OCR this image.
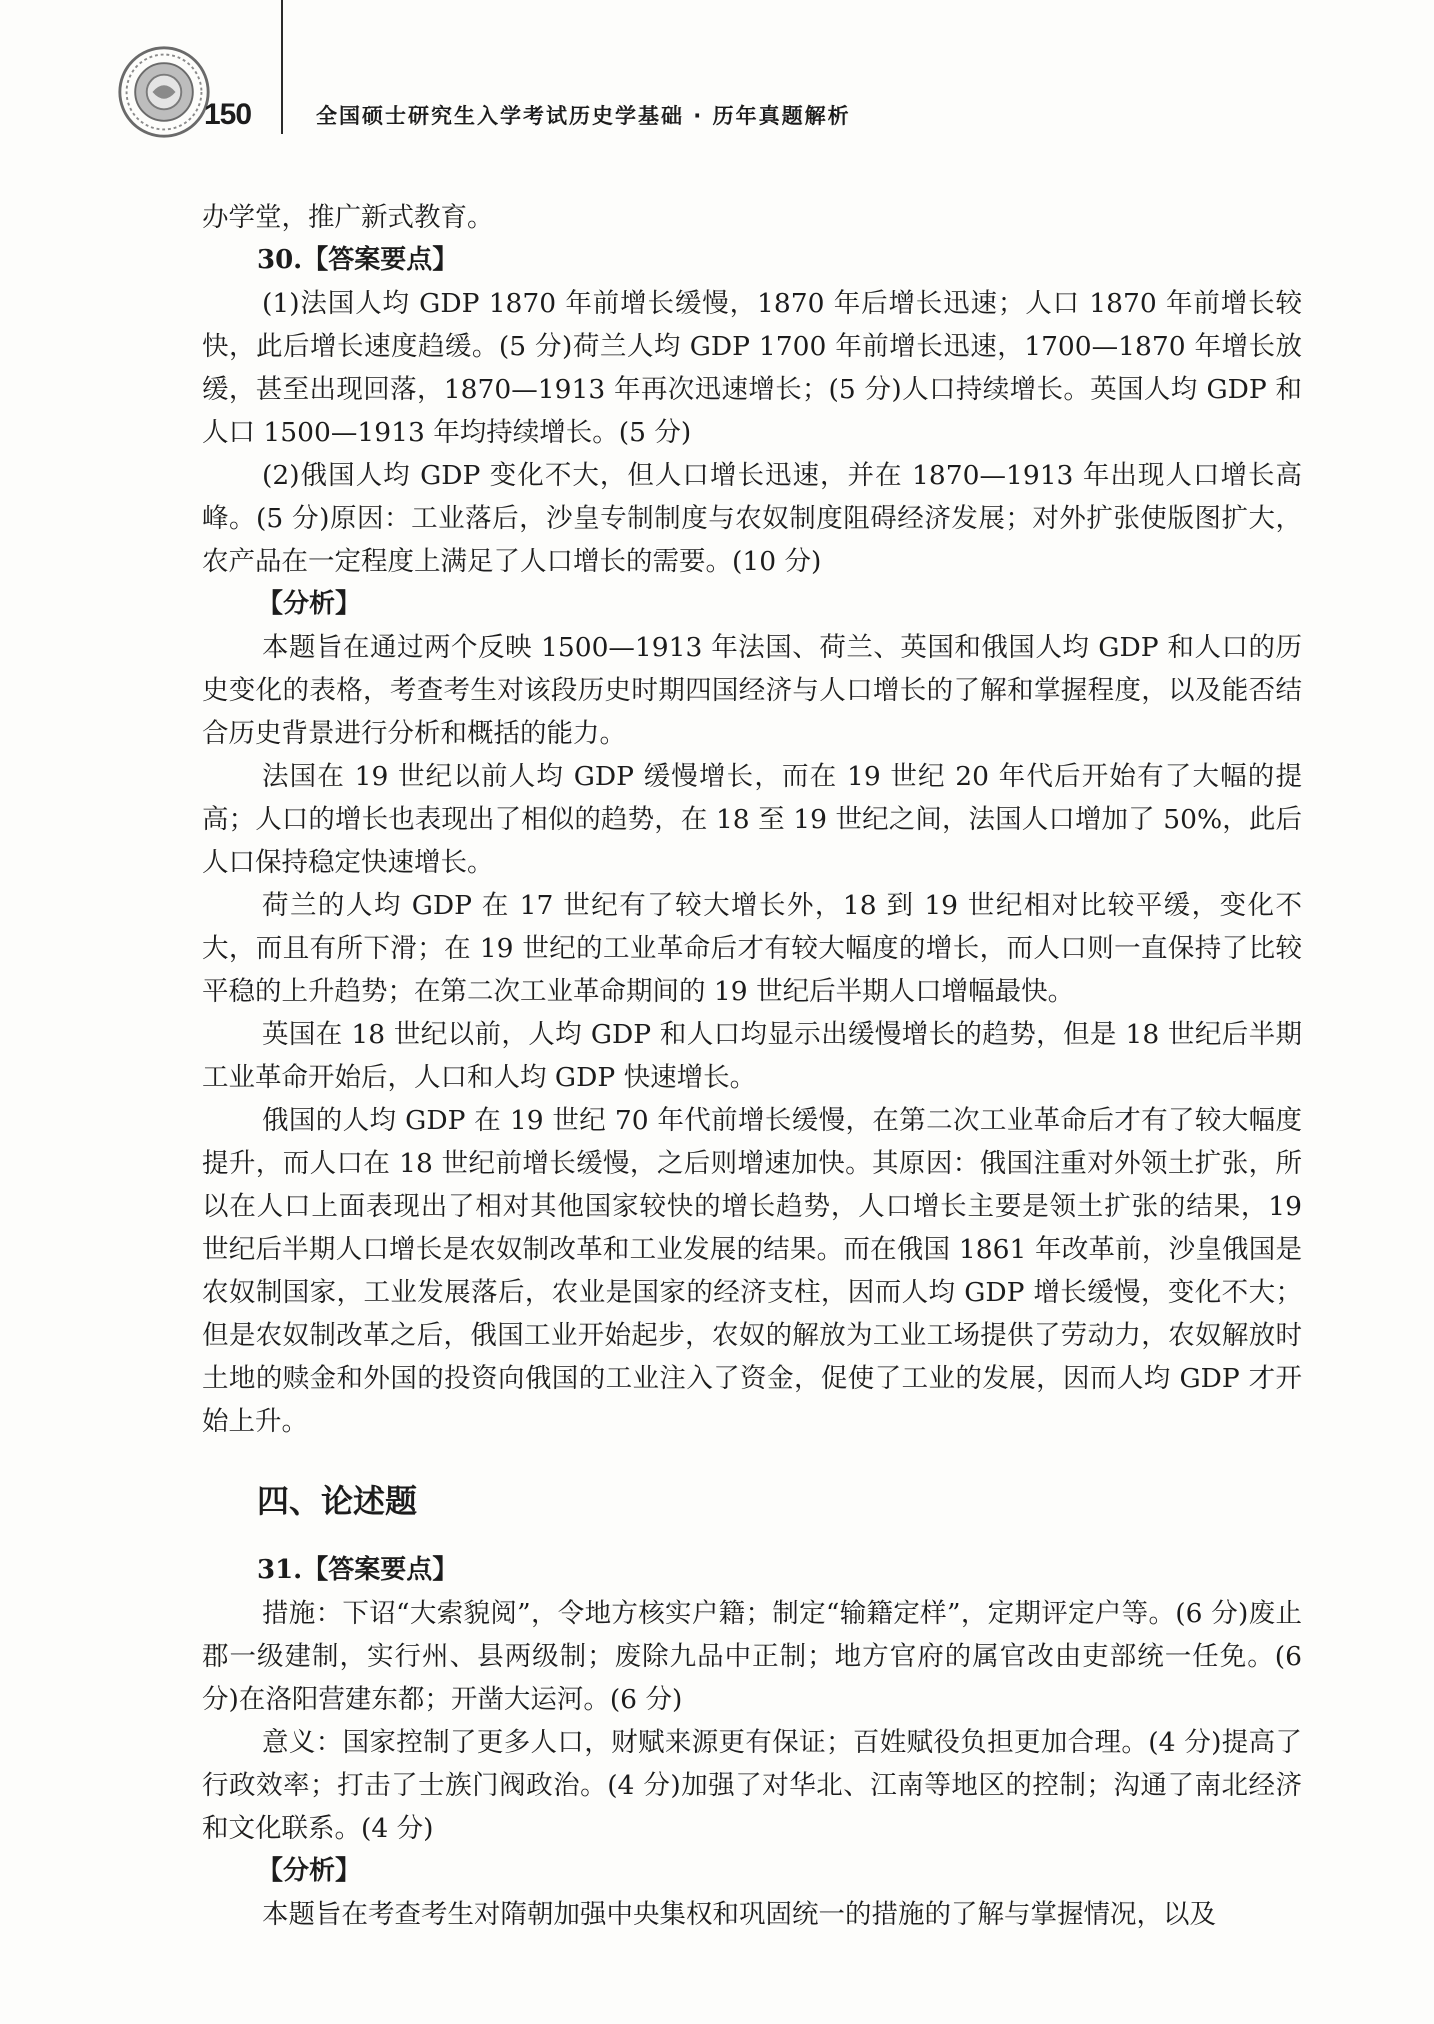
150	全国硕士研究生入学考试历史学基础 · 历年真题解析

办学堂，推广新式教育。

30.【答案要点】

(1)法国人均 GDP 1870 年前增长缓慢，1870 年后增长迅速；人口 1870 年前增长较快，此后增长速度趋缓。(5 分)荷兰人均 GDP 1700 年前增长迅速，1700—1870 年增长放缓，甚至出现回落，1870—1913 年再次迅速增长；(5 分)人口持续增长。英国人均 GDP 和人口 1500—1913 年均持续增长。(5 分)

(2)俄国人均 GDP 变化不大，但人口增长迅速，并在 1870—1913 年出现人口增长高峰。(5 分)原因：工业落后，沙皇专制制度与农奴制度阻碍经济发展；对外扩张使版图扩大，农产品在一定程度上满足了人口增长的需要。(10 分)

【分析】

本题旨在通过两个反映 1500—1913 年法国、荷兰、英国和俄国人均 GDP 和人口的历史变化的表格，考查考生对该段历史时期四国经济与人口增长的了解和掌握程度，以及能否结合历史背景进行分析和概括的能力。

法国在 19 世纪以前人均 GDP 缓慢增长，而在 19 世纪 20 年代后开始有了大幅的提高；人口的增长也表现出了相似的趋势，在 18 至 19 世纪之间，法国人口增加了 50%，此后人口保持稳定快速增长。

荷兰的人均 GDP 在 17 世纪有了较大增长外，18 到 19 世纪相对比较平缓，变化不大，而且有所下滑；在 19 世纪的工业革命后才有较大幅度的增长，而人口则一直保持了比较平稳的上升趋势；在第二次工业革命期间的 19 世纪后半期人口增幅最快。

英国在 18 世纪以前，人均 GDP 和人口均显示出缓慢增长的趋势，但是 18 世纪后半期工业革命开始后，人口和人均 GDP 快速增长。

俄国的人均 GDP 在 19 世纪 70 年代前增长缓慢，在第二次工业革命后才有了较大幅度提升，而人口在 18 世纪前增长缓慢，之后则增速加快。其原因：俄国注重对外领土扩张，所以在人口上面表现出了相对其他国家较快的增长趋势，人口增长主要是领土扩张的结果，19 世纪后半期人口增长是农奴制改革和工业发展的结果。而在俄国 1861 年改革前，沙皇俄国是农奴制国家，工业发展落后，农业是国家的经济支柱，因而人均 GDP 增长缓慢，变化不大；但是农奴制改革之后，俄国工业开始起步，农奴的解放为工业工场提供了劳动力，农奴解放时土地的赎金和外国的投资向俄国的工业注入了资金，促使了工业的发展，因而人均 GDP 才开始上升。

四、论述题

31.【答案要点】

措施：下诏“大索貌阅”，令地方核实户籍；制定“输籍定样”，定期评定户等。(6 分)废止郡一级建制，实行州、县两级制；废除九品中正制；地方官府的属官改由吏部统一任免。(6 分)在洛阳营建东都；开凿大运河。(6 分)

意义：国家控制了更多人口，财赋来源更有保证；百姓赋役负担更加合理。(4 分)提高了行政效率；打击了士族门阀政治。(4 分)加强了对华北、江南等地区的控制；沟通了南北经济和文化联系。(4 分)

【分析】

本题旨在考查考生对隋朝加强中央集权和巩固统一的措施的了解与掌握情况，以及
